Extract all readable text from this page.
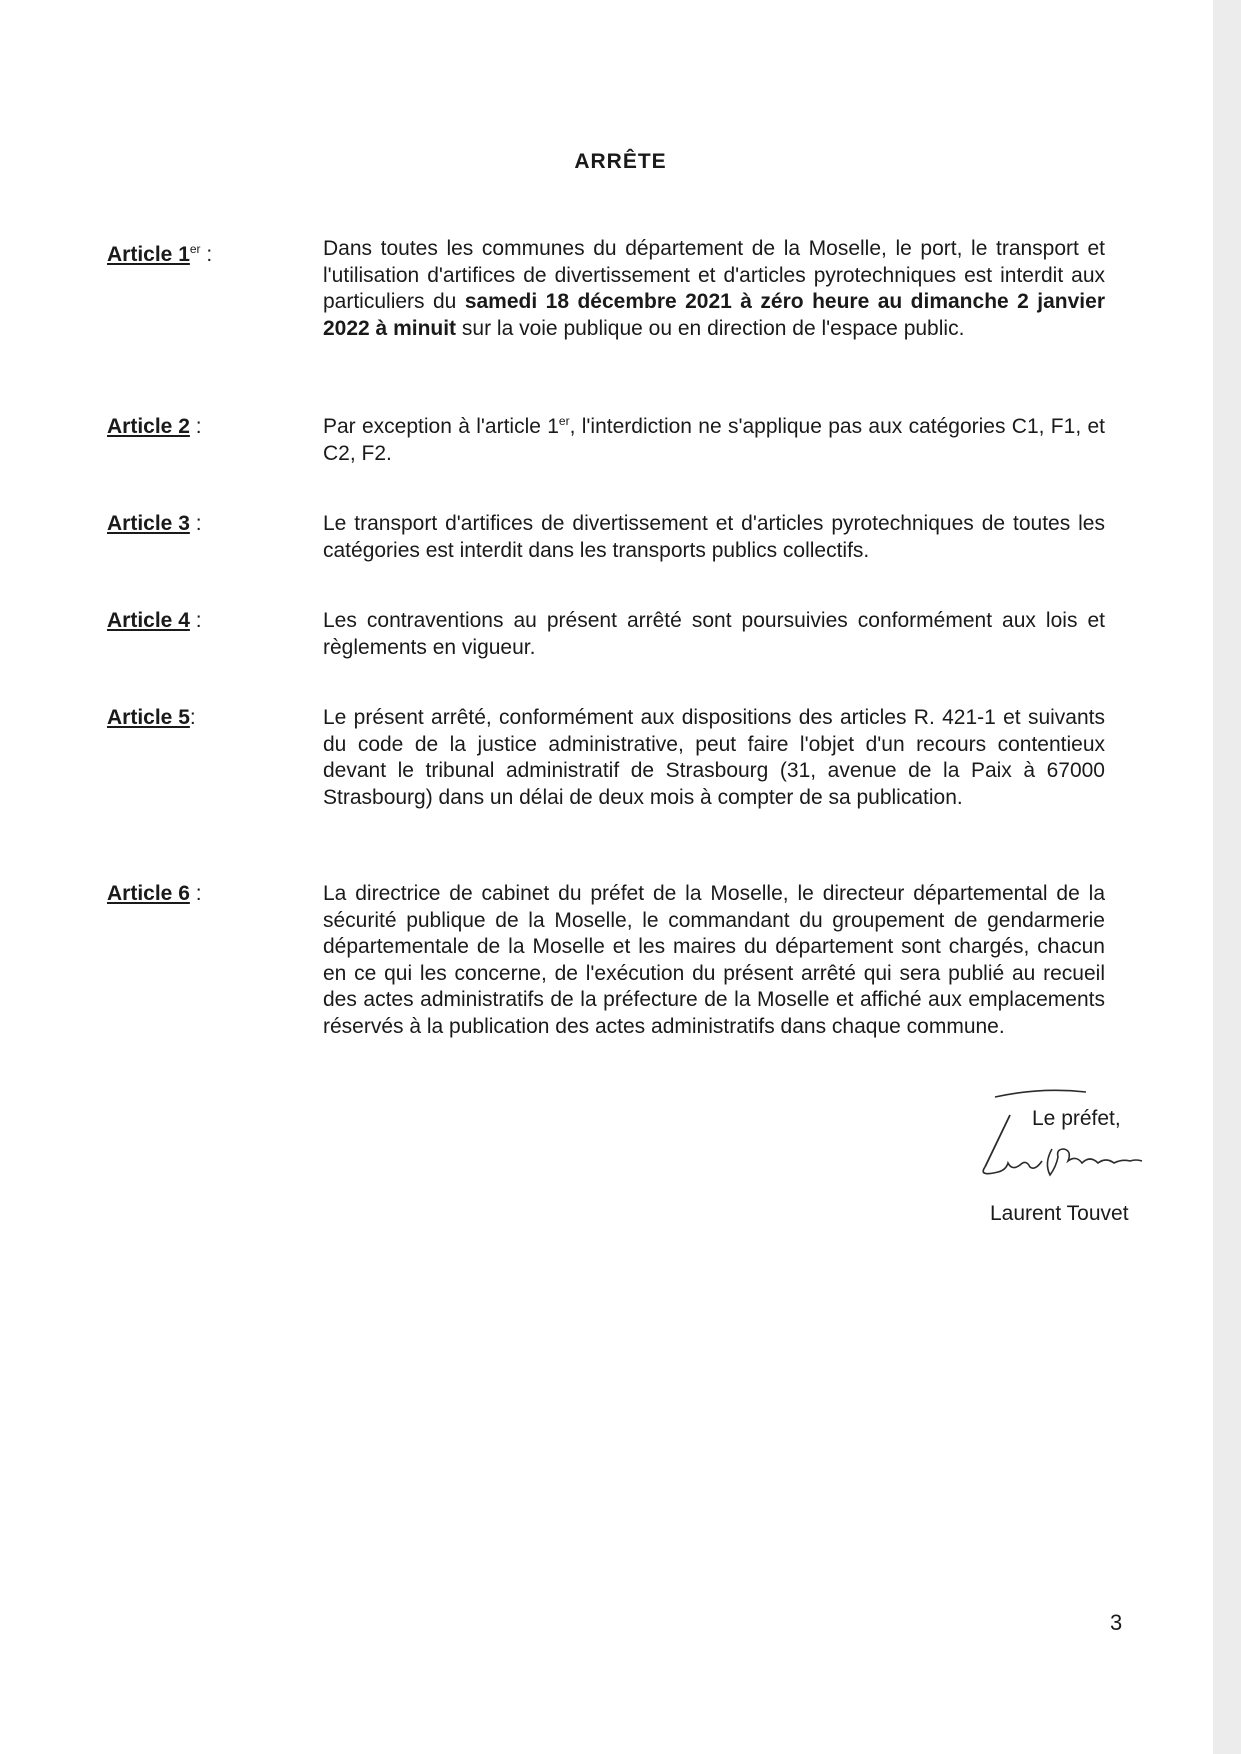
ARRÊTE
Article 1er :	Dans toutes les communes du département de la Moselle, le port, le transport et l'utilisation d'artifices de divertissement et d'articles pyrotechniques est interdit aux particuliers du samedi 18 décembre 2021 à zéro heure au dimanche 2 janvier 2022 à minuit sur la voie publique ou en direction de l'espace public.
Article 2 :	Par exception à l'article 1er, l'interdiction ne s'applique pas aux catégories C1, F1, et C2, F2.
Article 3 :	Le transport d'artifices de divertissement et d'articles pyrotechniques de toutes les catégories est interdit dans les transports publics collectifs.
Article 4 :	Les contraventions au présent arrêté sont poursuivies conformément aux lois et règlements en vigueur.
Article 5:	Le présent arrêté, conformément aux dispositions des articles R. 421-1 et suivants du code de la justice administrative, peut faire l'objet d'un recours contentieux devant le tribunal administratif de Strasbourg (31, avenue de la Paix à 67000 Strasbourg) dans un délai de deux mois à compter de sa publication.
Article 6 :	La directrice de cabinet du préfet de la Moselle, le directeur départemental de la sécurité publique de la Moselle, le commandant du groupement de gendarmerie départementale de la Moselle et les maires du département sont chargés, chacun en ce qui les concerne, de l'exécution du présent arrêté qui sera publié au recueil des actes administratifs de la préfecture de la Moselle et affiché aux emplacements réservés à la publication des actes administratifs dans chaque commune.
Le préfet,
Laurent Touvet
3
